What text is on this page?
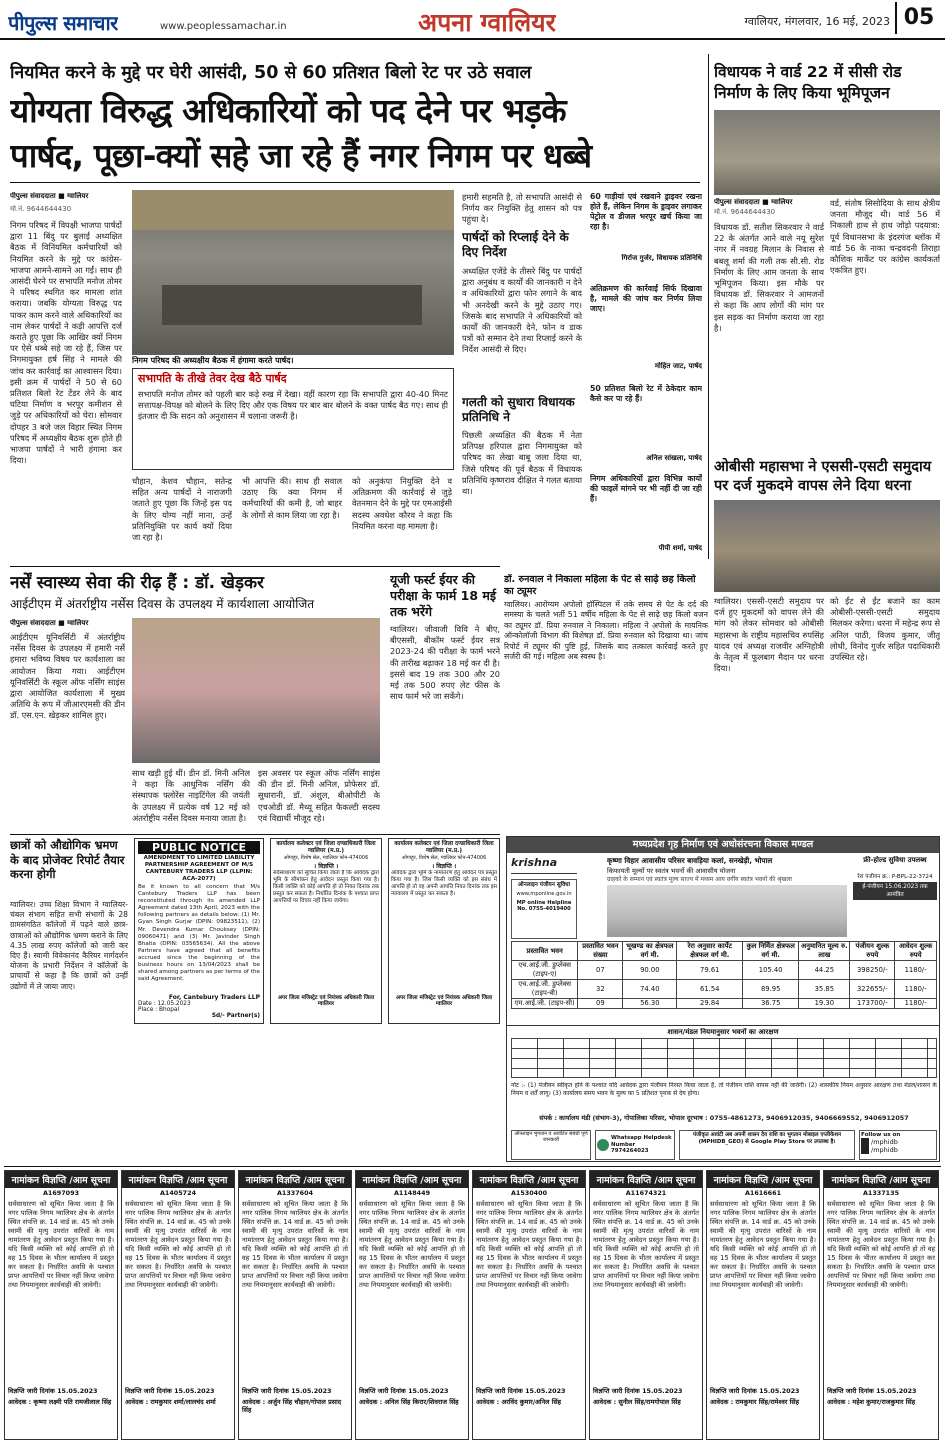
पीपुल्स समाचार	www.peoplessamachar.in	अपना ग्वालियर	ग्वालियर, मंगलवार, 16 मई, 2023 05
नियमित करने के मुद्दे पर घेरी आसंदी, 50 से 60 प्रतिशत बिलो रेट पर उठे सवाल
योग्यता विरुद्ध अधिकारियों को पद देने पर भड़के
पार्षद, पूछा-क्यों सहे जा रहे हैं नगर निगम पर धब्बे
पीपुल्स संवाददाता ■ ग्वालियर
मो.नं. 9644644430
निगम परिषद में विपक्षी भाजपा पार्षदों द्वारा 11 बिंदु पर बुलाई अध्यक्षित बैठक में विनियमित कर्मचारियों को नियमित करने के मुद्दे पर कांग्रेस-भाजपा आमने-सामने आ गईं। साथ ही आसंदी घेरने पर सभापति मनोज तोमर ने परिषद स्थगित कर मामला शांत कराया। जबकि योग्यता विरुद्ध पद पाकर काम करने वाले अधिकारियों का नाम लेकर पार्षदों ने कड़ी आपत्ति दर्ज कराते हुए पूछा कि आखिर क्यों निगम पर ऐसे धब्बे सहे जा रहे हैं, जिस पर निगमायुक्त हर्ष सिंह ने मामले की जांच कर कार्रवाई का आश्वासन दिया। इसी क्रम में पार्षदों ने 50 से 60 प्रतिशत बिलो रेट टेंडर लेने के बाद घटिया निर्माण व भरपूर कमीशन से जुड़े पर अधिकारियों को घेरा। सोमवार दोपहर 3 बजे जल विहार स्थित निगम परिषद में अध्यक्षीय बैठक शुरू होते ही भाजपा पार्षदों ने भारी हंगामा कर दिया।
निगम परिषद की अध्यक्षीय बैठक में हंगामा करते पार्षद।
हमारी सहमति है, तो सभापति आसंदी से निर्णय कर नियुक्ति हेतु शासन को पत्र पहुंचा दे।
पार्षदों को रिप्लाई देने के दिए निर्देश
अध्यक्षित एजेंडे के तीसरे बिंदु पर पार्षदों द्वारा अनुबंध व कार्यों की जानकारी न देने व अधिकारियों द्वारा फोन लगाने के बाद भी अनदेखी करने के मुद्दे उठाए गए। जिसके बाद सभापति ने अधिकारियों को कार्यों की जानकारी देने, फोन व डाक पत्रों को सम्मान देने तथा रिप्लाई करने के निर्देश आसंदी से दिए।
गलती को सुधारा विधायक प्रतिनिधि ने
पिछली अध्यक्षित की बैठक में नेता प्रतिपक्ष हरिपाल द्वारा निगमायुक्त को परिषद का लेखा बाबू जला दिया था, जिसे परिषद की पूर्व बैठक में विधायक प्रतिनिधि कृष्णराव दीक्षित ने गलत बताया था।
60 गाड़ीयां एवं रखवाने ड्राइवर रखना होते हैं, लेकिन निगम के ड्राइवर लगाकर पेट्रोल व डीजल भरपूर खर्च किया जा रहा है।
गिर्राज गुर्जर, विधायक प्रतिनिधि
अतिक्रमण की कार्रवाई सिर्फ दिखावा है, मामले की जांच कर निर्णय लिया जाए।
मोहित जाट, पार्षद
50 प्रतिशत बिलो रेट में ठेकेदार काम कैसे कर पा रहे हैं।
अनिल सांखला, पार्षद
निगम अधिकारियों द्वारा विभिन्न कार्यों की फाइलें मांगने पर भी नहीं दी जा रही हैं।
पीपी शर्मा, पार्षद
सभापति के तीखे तेवर देख बैठे पार्षद
सभापति मनोज तोमर को पहली बार कड़े रुख में देखा। वहीं कारण रहा कि सभापति द्वारा 40-40 मिनट सत्तापक्ष-विपक्ष को बोलने के लिए दिए और एक विषय पर बार बार बोलने के वक्त पार्षद बैठ गए। साथ ही इंतजार दी कि सदन को अनुशासन में चलाना जरूरी है।
चौहान, केशव चौहान, सतेन्द्र सहित अन्य पार्षदों ने नाराजगी जताते हुए पूछा कि जिन्हें इस पद के लिए योग्य नहीं माना, उन्हें प्रतिनियुक्ति पर कार्य क्यों दिया जा रहा है।
भी आपत्ति की। साथ ही सवाल उठाए कि क्या निगम में कर्मचारियों की कमी है, जो बाहर के लोगों से काम लिया जा रहा है।
को अनुकंपा नियुक्ति देने व अतिक्रमण की कार्रवाई से जुड़े वेतनमान देने के मुद्दे पर एमआईसी सदस्य अवधेश कौरव ने कहा कि नियमित करना वह मामला है।
विधायक ने वार्ड 22 में सीसी रोड निर्माण के लिए किया भूमिपूजन
पीपुल्स संवाददाता ■ ग्वालियर
मो.नं. 9644644430
विधायक डॉ. सतीश सिकरवार ने वार्ड 22 के अंतर्गत आने वाले नयू सुरेश नगर में नवग्रह मिलान के निवास से बबलू शर्मा की गली तक सी.सी. रोड निर्माण के लिए आम जनता के साथ भूमिपूजन किया। इस मौके पर विधायक डॉ. सिकरवार ने आमजनों से कहा कि आप लोगों की मांग पर इस सड़क का निर्माण कराया जा रहा है।
वर्ड, संतोष सिसोदिया के साथ क्षेत्रीय जनता मौजूद थी। वार्ड 56 में निकाली हाथ से हाथ जोड़ो पदयात्रा: पूर्व विधानसभा के इंदरगंज ब्लॉक में वार्ड 56 के नाका चन्द्रवदनी तिराहा कौशिक मार्केट पर कांग्रेस कार्यकर्ता एकत्रित हुए।
ओबीसी महासभा ने एससी-एसटी समुदाय पर दर्ज मुकदमे वापस लेने दिया धरना
ग्वालियर। एससी-एसटी समुदाय पर दर्ज हुए मुकदमों को वापस लेने की मांग को लेकर सोमवार को ओबीसी महासभा के राष्ट्रीय महासचिव रुपसिंह यादव एवं अध्यक्ष राजवीर अग्निहोत्री के नेतृत्व में फूलबाग मैदान पर धरना दिया।
को ईंट से ईंट बजाने का काम ओबीसी-एससी-एसटी समुदाय मिलकर करेगा। धरना में महेन्द्र रूप से अनिल पाठी, विजय कुमार, जीतू लोधी, विनोद गुर्जर सहित पदाधिकारी उपस्थित रहे।
डॉ. रुनवाल ने निकाला महिला के पेट से साढ़े छह किलो का ट्यूमर
ग्वालियर। आरोग्यम अपोलो हॉस्पिटल में तके समय से पेट के दर्द की समस्या के चलते भर्ती 51 वर्षीय महिला के पेट से साढ़े छह किलो वजन का ट्यूमर डॉ. प्रिया रुनवाल ने निकाला। महिला ने अपोलो के मायनिक ऑन्कोलॉजी विभाग की विशेषज्ञ डॉ. प्रिया रुनवाल को दिखाया था। जांच रिपोर्ट में ट्यूमर की पुष्टि हुई, जिसके बाद तत्काल कार्रवाई करते हुए सर्जरी की गई। महिला अब स्वस्थ है।
नर्सें स्वास्थ्य सेवा की रीढ़ हैं : डॉ. खेड़कर
आईटीएम में अंतर्राष्ट्रीय नर्सेस दिवस के उपलक्ष्य में कार्यशाला आयोजित
पीपुल्स संवाददाता ■ ग्वालियर
आईटीएम यूनिवर्सिटी में अंतर्राष्ट्रीय नर्सेस दिवस के उपलक्ष्य में हमारी नर्से हमारा भविष्य विषय पर कार्यशाला का आयोजन किया गया। आईटीएम यूनिवर्सिटी के स्कूल ऑफ नर्सिंग साइंस द्वारा आयोजित कार्यशाला में मुख्य अतिथि के रूप में जीआरएमसी की डीन डॉ. एस.एन. खेड़कर शामिल हुए।
साथ खड़ी हुई थीं। डीन डॉ. मिनी अनिल ने कहा कि आधुनिक नर्सिंग की संस्थापक फ्लोरेंस नाइटिंगेल की जयंती के उपलक्ष्य में प्रत्येक वर्ष 12 मई को अंतर्राष्ट्रीय नर्सेस दिवस मनाया जाता है।
इस अवसर पर स्कूल ऑफ नर्सिंग साइंस की डीन डॉ. मिनी अनिल, प्रोफेसर डॉ. सुधारानी, डॉ. अंशुल, बीओपीटी के एचओडी डॉ. मैथ्यू सहित फैकल्टी सदस्य एवं विद्यार्थी मौजूद रहे।
यूजी फर्स्ट ईयर की परीक्षा के फार्म 18 मई तक भरेंगे
ग्वालियर। जीवाजी विवि ने बीए, बीएससी, बीकॉम फर्स्ट ईयर सत्र 2023-24 की परीक्षा के फार्म भरने की तारीख बढ़ाकर 18 मई कर दी है। इससे बाद 19 तक 300 और 20 मई तक 500 रुपए लेट फीस के साथ फार्म भरे जा सकेंगे।
छात्रों को औद्योगिक भ्रमण के बाद प्रोजेक्ट रिपोर्ट तैयार करना होगी
ग्वालियर। उच्च शिक्षा विभाग ने ग्वालियर-चंबल संभाग सहित सभी संभागों के 28 ग्रामसंगठित कॉलेजों में पढ़ने वाले छात्र-छात्राओं को औद्योगिक भ्रमण कराने के लिए 4.35 लाख रुपए कॉलेजों को जारी कर दिए हैं। स्वामी विवेकानंद कैरियर मार्गदर्शन योजना के प्रभारी निर्देशन ने कॉलेजों के प्राचार्यों से कहा है कि छात्रों को उन्हीं उद्योगों में ले जाया जाए।
PUBLIC NOTICE
AMENDMENT TO LIMITED LIABILITY PARTNERSHIP AGREEMENT OF M/S CANTEBURY TRADERS LLP (LLPIN: ACA-2077)
Be it known to all concern that M/s Cantebury Traders LLP has been reconstituted through its amended LLP Agreement dated 13th April, 2023 with the following partners as details below: (1) Mr. Gyan Singh Gurjar (DPIN: 09823511), (2) Mr. Devendra Kumar Chouksey (DPIN: 09060471) and (3) Mr. Javinder Singh Bhatia (DPIN: 03565634). All the above Partners have agreed that all benefits accrued since the beginning of the business hours on 13/04/2023 shall be shared among partners as per terms of the said Agreement.
For, Cantebury Traders LLP
Date : 12.05.2023
Place : Bhopal
Sd/- Partner(s)
कार्यालय कलेक्टर एवं जिला दण्डाधिकारी जिला ग्वालियर (म.प्र.)
ओगाहुर, विशेष सेल, ग्वालियर फोन-474006
। विज्ञप्ति ।
सर्वसाधारण को सूचित किया जाता है कि आवेदक द्वारा भूमि के सीमांकन हेतु आवेदन प्रस्तुत किया गया है। किसी व्यक्ति को कोई आपत्ति हो तो नियत दिनांक तक प्रस्तुत कर सकता है। निर्धारित दिनांक के पश्चात प्राप्त आपत्तियों पर विचार नहीं किया जावेगा।
अपर जिला मजिस्ट्रेट एवं नियंत्रक अधिकारी जिला ग्वालियर
कार्यालय कलेक्टर एवं जिला दण्डाधिकारी जिला ग्वालियर (म.प्र.)
ओगाहुर, विशेष सेल, ग्वालियर फोन-474006
। विज्ञप्ति ।
आवेदक द्वारा भूमि के नामांतरण हेतु आवेदन पत्र प्रस्तुत किया गया है। जिस किसी व्यक्ति को इस संबंध में आपत्ति हो तो वह अपनी आपत्ति नियत दिनांक तक इस न्यायालय में प्रस्तुत कर सकता है।
अपर जिला मजिस्ट्रेट एवं नियंत्रक अधिकारी जिला ग्वालियर
मध्यप्रदेश गृह निर्माण एवं अधोसंरचना विकास मण्डल
krishna	कृष्णा विहार आवासीय परिसर बावड़िया कलां, सनखेड़ी, भोपाल
किफायती मूल्यों पर स्वतंत्र भवनों की आवासीय योजना
ग्राहकों के सम्मान एवं स्वतंत्र मूल्य साज्य में मध्यम आय वर्गीय स्वतंत्र भवनों की श्रृंखला
फ्री-होल्ड सुविधा उपलब्ध
रेरा पंजीयन क्र.: P-BPL-22-3724
ई-पंजीयन 15.06.2023 तक आमंत्रित
ऑनलाइन पंजीयन सुविधा
www.mponline.gov.in
MP online Helpline No. 0755-4019400
प्रस्तावित भवन	प्रस्तावित भवन संख्या	भूखण्ड का क्षेत्रफल वर्ग मी.	रेरा अनुसार कार्पेट क्षेत्रफल वर्ग मी.	कुल निर्मित क्षेत्रफल वर्ग मी.	अनुमानित मूल्य रु. लाख	पंजीयन शुल्क रुपये	आवेदन शुल्क रुपये
एच.आई.जी. डुप्लेक्स (टाइप-ए)	07	90.00	79.61	105.40	44.25	398250/-	1180/-
एच.आई.जी. डुप्लेक्स (टाइप-बी)	32	74.40	61.54	89.95	35.85	322655/-	1180/-
एम.आई.जी. (टाइप-सी)	09	56.30	29.84	36.75	19.30	173700/-	1180/-
शासन/मंडल नियमानुसार भवनों का आरक्षण
नोट :- (1) पंजीयन स्वीकृत होने के पश्चात यदि आवेदक द्वारा पंजीयन निरस्त किया जाता है, तो पंजीयन राशि वापस नहीं की जावेगी। (2) शासकीय नियम अनुसार आरक्षण तथा मंडल/शासन के नियम व शर्तें लागू। (3) कार्यालय समय भवन के मूल्य का 5 प्रतिशत पृथक से देय होगा।
संपर्क : कार्यालय मंडी (संभाग-3), गोपालिका परिसर, भोपाल दूरभाष : 0755-4861273, 9406912035, 9406669552, 9406912057
ऑनलाइन भुगतान व आवंटित संबंधी पूर्ण जानकारी	Whatsapp Helpdesk Number 7974264023
पंजीकृत आवंटी अब अपनी शासन देय राशि का भुगतान मोबाइल एप्लीकेशन (MPHIDB_GEO) से Google Play Store पर उपलब्ध है।
Follow us on
/mphidb
/mphidb
नामांकन विज्ञप्ति /आम सूचना
A1697093
सर्वसाधारण को सूचित किया जाता है कि नगर पालिक निगम ग्वालियर क्षेत्र के अंतर्गत स्थित संपत्ति क्र. 14 वार्ड क्र. 45 को उनके स्वामी की मृत्यु उपरांत वारिसों के नाम नामांतरण हेतु आवेदन प्रस्तुत किया गया है। यदि किसी व्यक्ति को कोई आपत्ति हो तो वह 15 दिवस के भीतर कार्यालय में प्रस्तुत कर सकता है। निर्धारित अवधि के पश्चात प्राप्त आपत्तियों पर विचार नहीं किया जावेगा तथा नियमानुसार कार्यवाही की जावेगी।
विज्ञप्ति जारी दिनांक 15.05.2023
आवेदक : कृष्णा लक्ष्मी पति रामजीलाल सिंह
नामांकन विज्ञप्ति /आम सूचना
A1405724
सर्वसाधारण को सूचित किया जाता है कि नगर पालिक निगम ग्वालियर क्षेत्र के अंतर्गत स्थित संपत्ति क्र. 14 वार्ड क्र. 45 को उनके स्वामी की मृत्यु उपरांत वारिसों के नाम नामांतरण हेतु आवेदन प्रस्तुत किया गया है। यदि किसी व्यक्ति को कोई आपत्ति हो तो वह 15 दिवस के भीतर कार्यालय में प्रस्तुत कर सकता है। निर्धारित अवधि के पश्चात प्राप्त आपत्तियों पर विचार नहीं किया जावेगा तथा नियमानुसार कार्यवाही की जावेगी।
विज्ञप्ति जारी दिनांक 15.05.2023
आवेदक : रामकुमार शर्मा/लालचंद शर्मा
नामांकन विज्ञप्ति /आम सूचना
A1337604
सर्वसाधारण को सूचित किया जाता है कि नगर पालिक निगम ग्वालियर क्षेत्र के अंतर्गत स्थित संपत्ति क्र. 14 वार्ड क्र. 45 को उनके स्वामी की मृत्यु उपरांत वारिसों के नाम नामांतरण हेतु आवेदन प्रस्तुत किया गया है। यदि किसी व्यक्ति को कोई आपत्ति हो तो वह 15 दिवस के भीतर कार्यालय में प्रस्तुत कर सकता है। निर्धारित अवधि के पश्चात प्राप्त आपत्तियों पर विचार नहीं किया जावेगा तथा नियमानुसार कार्यवाही की जावेगी।
विज्ञप्ति जारी दिनांक 15.05.2023
आवेदक : अर्जुन सिंह चौहान/गोपाल प्रसाद सिंह
नामांकन विज्ञप्ति /आम सूचना
A1148449
सर्वसाधारण को सूचित किया जाता है कि नगर पालिक निगम ग्वालियर क्षेत्र के अंतर्गत स्थित संपत्ति क्र. 14 वार्ड क्र. 45 को उनके स्वामी की मृत्यु उपरांत वारिसों के नाम नामांतरण हेतु आवेदन प्रस्तुत किया गया है। यदि किसी व्यक्ति को कोई आपत्ति हो तो वह 15 दिवस के भीतर कार्यालय में प्रस्तुत कर सकता है। निर्धारित अवधि के पश्चात प्राप्त आपत्तियों पर विचार नहीं किया जावेगा तथा नियमानुसार कार्यवाही की जावेगी।
विज्ञप्ति जारी दिनांक 15.05.2023
आवेदक : अनिल सिंह किरार/शिवराज सिंह
नामांकन विज्ञप्ति /आम सूचना
A1530400
सर्वसाधारण को सूचित किया जाता है कि नगर पालिक निगम ग्वालियर क्षेत्र के अंतर्गत स्थित संपत्ति क्र. 14 वार्ड क्र. 45 को उनके स्वामी की मृत्यु उपरांत वारिसों के नाम नामांतरण हेतु आवेदन प्रस्तुत किया गया है। यदि किसी व्यक्ति को कोई आपत्ति हो तो वह 15 दिवस के भीतर कार्यालय में प्रस्तुत कर सकता है। निर्धारित अवधि के पश्चात प्राप्त आपत्तियों पर विचार नहीं किया जावेगा तथा नियमानुसार कार्यवाही की जावेगी।
विज्ञप्ति जारी दिनांक 15.05.2023
आवेदक : अरविंद कुमार/अनिल सिंह
नामांकन विज्ञप्ति /आम सूचना
A11674321
सर्वसाधारण को सूचित किया जाता है कि नगर पालिक निगम ग्वालियर क्षेत्र के अंतर्गत स्थित संपत्ति क्र. 14 वार्ड क्र. 45 को उनके स्वामी की मृत्यु उपरांत वारिसों के नाम नामांतरण हेतु आवेदन प्रस्तुत किया गया है। यदि किसी व्यक्ति को कोई आपत्ति हो तो वह 15 दिवस के भीतर कार्यालय में प्रस्तुत कर सकता है। निर्धारित अवधि के पश्चात प्राप्त आपत्तियों पर विचार नहीं किया जावेगा तथा नियमानुसार कार्यवाही की जावेगी।
विज्ञप्ति जारी दिनांक 15.05.2023
आवेदक : सुनील सिंह/रामगोपाल सिंह
नामांकन विज्ञप्ति /आम सूचना
A1616661
सर्वसाधारण को सूचित किया जाता है कि नगर पालिक निगम ग्वालियर क्षेत्र के अंतर्गत स्थित संपत्ति क्र. 14 वार्ड क्र. 45 को उनके स्वामी की मृत्यु उपरांत वारिसों के नाम नामांतरण हेतु आवेदन प्रस्तुत किया गया है। यदि किसी व्यक्ति को कोई आपत्ति हो तो वह 15 दिवस के भीतर कार्यालय में प्रस्तुत कर सकता है। निर्धारित अवधि के पश्चात प्राप्त आपत्तियों पर विचार नहीं किया जावेगा तथा नियमानुसार कार्यवाही की जावेगी।
विज्ञप्ति जारी दिनांक 15.05.2023
आवेदक : रामकुमार सिंह/रामेश्वर सिंह
नामांकन विज्ञप्ति /आम सूचना
A1337135
सर्वसाधारण को सूचित किया जाता है कि नगर पालिक निगम ग्वालियर क्षेत्र के अंतर्गत स्थित संपत्ति क्र. 14 वार्ड क्र. 45 को उनके स्वामी की मृत्यु उपरांत वारिसों के नाम नामांतरण हेतु आवेदन प्रस्तुत किया गया है। यदि किसी व्यक्ति को कोई आपत्ति हो तो वह 15 दिवस के भीतर कार्यालय में प्रस्तुत कर सकता है। निर्धारित अवधि के पश्चात प्राप्त आपत्तियों पर विचार नहीं किया जावेगा तथा नियमानुसार कार्यवाही की जावेगी।
विज्ञप्ति जारी दिनांक 15.05.2023
आवेदक : महेश कुमार/राजकुमार सिंह
